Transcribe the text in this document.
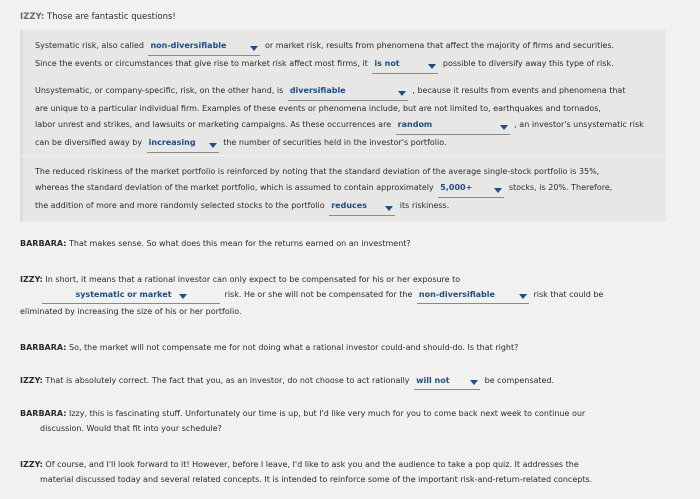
IZZY: Those are fantastic questions!

Systematic risk, also called non-diversifiable	or market risk, results from phenomena that affect the majority of firms and securities.
Since the events or circumstances that give rise to market risk affect most firms, it is not	possible to diversify away this type of risk.

Unsystematic, or company-specific, risk, on the other hand, is diversifiable	, because it results from events and phenomena that
are unique to a particular individual firm. Examples of these events or phenomena include, but are not limited to, earthquakes and tornados,
labor unrest and strikes, and lawsuits or marketing campaigns. As these occurrences are random	, an investor's unsystematic risk
can be diversified away by increasing	the number of securities held in the investor's portfolio.

The reduced riskiness of the market portfolio is reinforced by noting that the standard deviation of the average single-stock portfolio is 35%,
whereas the standard deviation of the market portfolio, which is assumed to contain approximately 5,000+	stocks, is 20%. Therefore,
the addition of more and more randomly selected stocks to the portfolio reduces	its riskiness.

BARBARA: That makes sense. So what does this mean for the returns earned on an investment?
IZZY: In short, it means that a rational investor can only expect to be compensated for his or her exposure to

systematic or market	risk. He or she will not be compensated for the non-diversifiable	risk that could be
eliminated by increasing the size of his or her portfolio.
BARBARA: So, the market will not compensate me for not doing what a rational investor could-and should-do. Is that right?
IZZY: That is absolutely correct. The fact that you, as an investor, do not choose to act rationally will not	be compensated.
BARBARA: Izzy, this is fascinating stuff. Unfortunately our time is up, but I'd like very much for you to come back next week to continue our
discussion. Would that fit into your schedule?
IZZY: Of course, and I'll look forward to it! However, before I leave, I'd like to ask you and the audience to take a pop quiz. It addresses the
material discussed today and several related concepts. It is intended to reinforce some of the important risk-and-return-related concepts.
